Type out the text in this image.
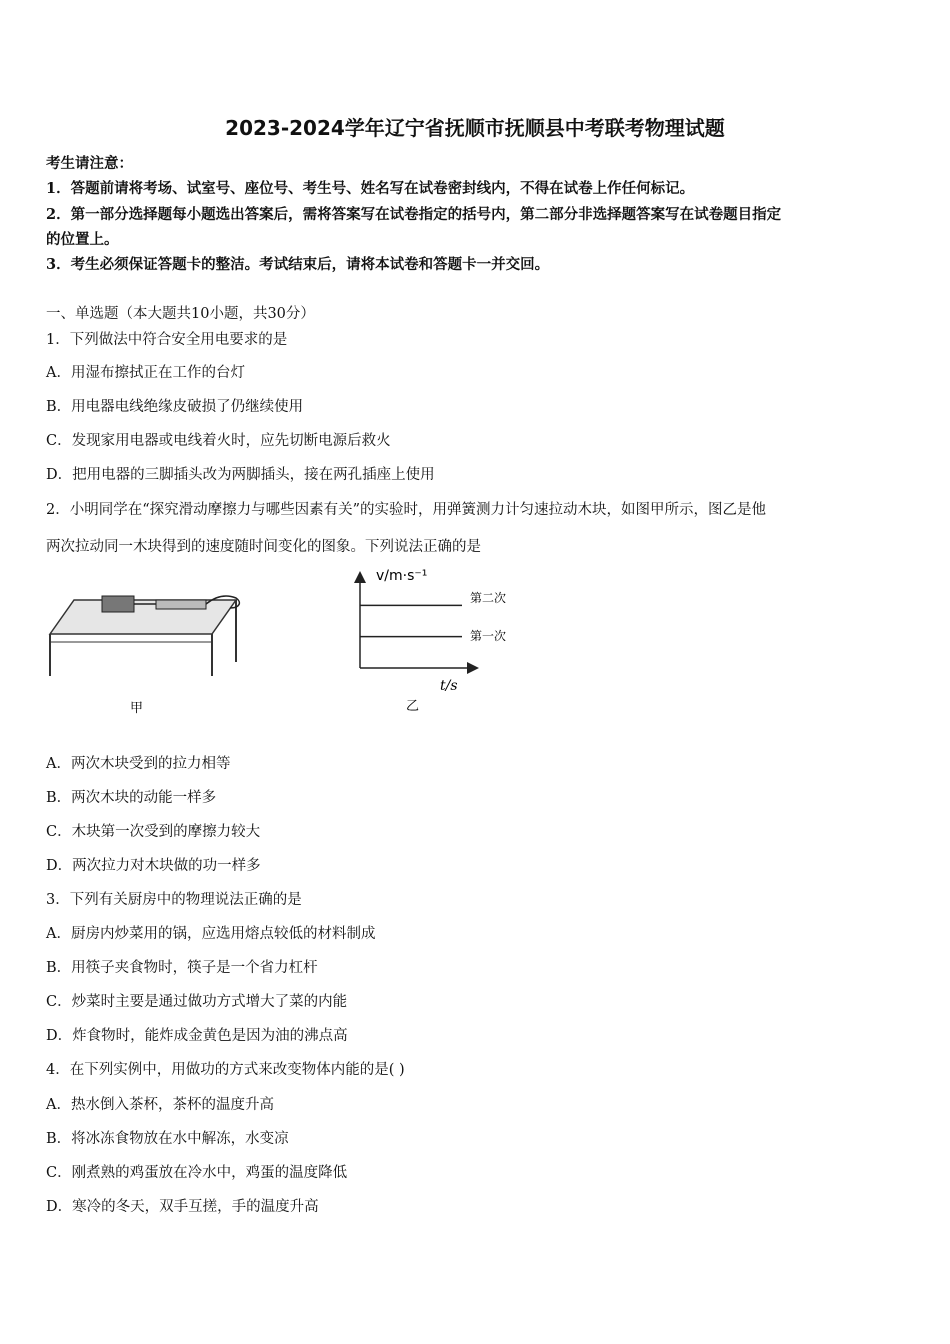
2023-2024学年辽宁省抚顺市抚顺县中考联考物理试题
考生请注意：
1．答题前请将考场、试室号、座位号、考生号、姓名写在试卷密封线内，不得在试卷上作任何标记。
2．第一部分选择题每小题选出答案后，需将答案写在试卷指定的括号内，第二部分非选择题答案写在试卷题目指定
的位置上。
3．考生必须保证答题卡的整洁。考试结束后，请将本试卷和答题卡一并交回。
一、单选题（本大题共10小题，共30分）
1．下列做法中符合安全用电要求的是
A．用湿布擦拭正在工作的台灯
B．用电器电线绝缘皮破损了仍继续使用
C．发现家用电器或电线着火时，应先切断电源后救火
D．把用电器的三脚插头改为两脚插头，接在两孔插座上使用
2．小明同学在“探究滑动摩擦力与哪些因素有关”的实验时，用弹簧测力计匀速拉动木块，如图甲所示，图乙是他
两次拉动同一木块得到的速度随时间变化的图象。下列说法正确的是
甲
v/m·s⁻¹
t/s
第二次
第一次
乙
A．两次木块受到的拉力相等
B．两次木块的动能一样多
C．木块第一次受到的摩擦力较大
D．两次拉力对木块做的功一样多
3．下列有关厨房中的物理说法正确的是
A．厨房内炒菜用的锅，应选用熔点较低的材料制成
B．用筷子夹食物时，筷子是一个省力杠杆
C．炒菜时主要是通过做功方式增大了菜的内能
D．炸食物时，能炸成金黄色是因为油的沸点高
4．在下列实例中，用做功的方式来改变物体内能的是( )
A．热水倒入茶杯，茶杯的温度升高
B．将冰冻食物放在水中解冻，水变凉
C．刚煮熟的鸡蛋放在冷水中，鸡蛋的温度降低
D．寒冷的冬天，双手互搓，手的温度升高
